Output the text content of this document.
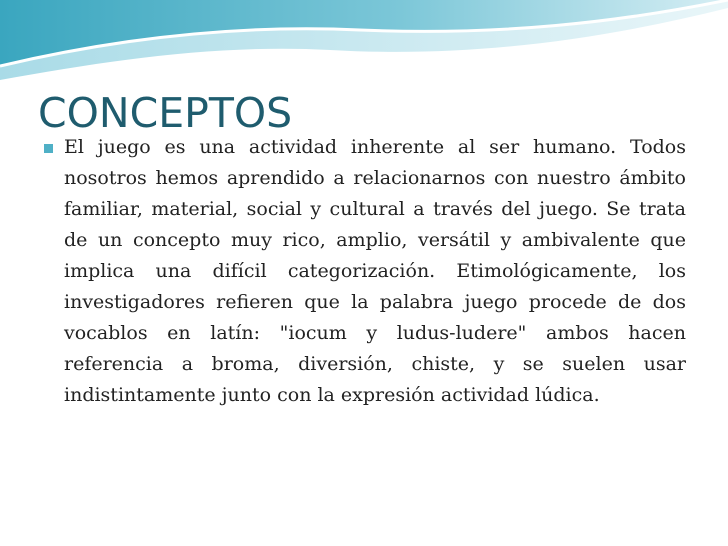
CONCEPTOS

El juego es una actividad inherente al ser humano. Todos nosotros hemos aprendido a relacionarnos con nuestro ámbito familiar, material, social y cultural a través del juego. Se trata de un concepto muy rico, amplio, versátil y ambivalente que implica una difícil categorización. Etimológicamente, los investigadores refieren que la palabra juego procede de dos vocablos en latín: "iocum y ludus-ludere" ambos hacen referencia a broma, diversión, chiste, y se suelen usar indistintamente junto con la expresión actividad lúdica.
